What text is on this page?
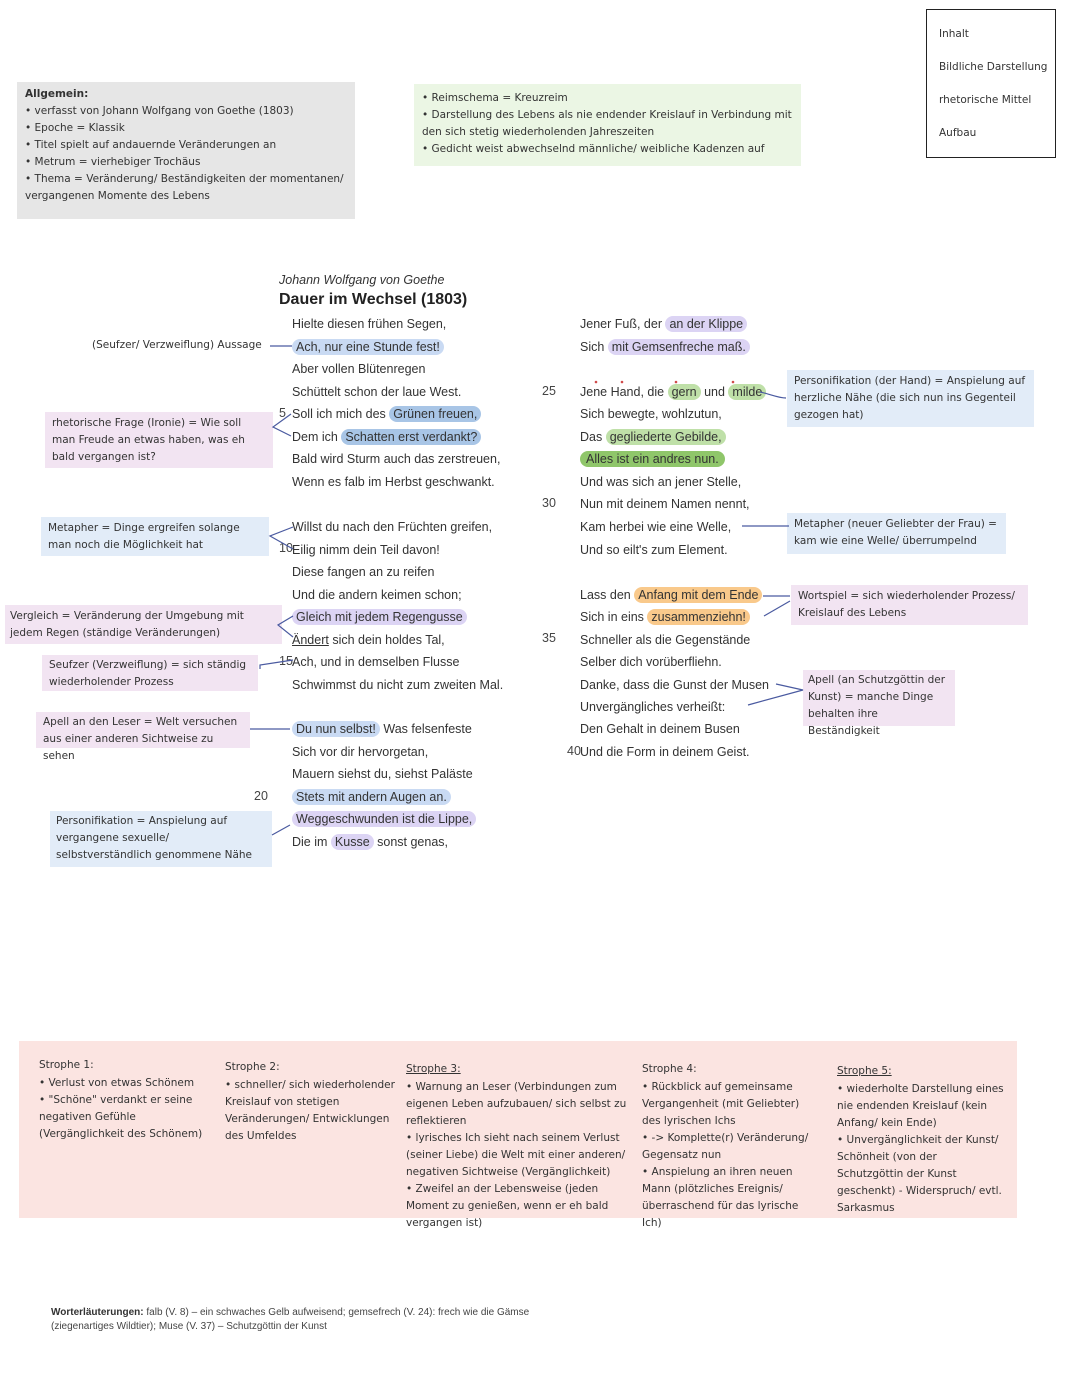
Inhalt
Bildliche Darstellung
rhetorische Mittel
Aufbau
Allgemein:
• verfasst von Johann Wolfgang von Goethe (1803)
• Epoche = Klassik
• Titel spielt auf andauernde Veränderungen an
• Metrum = vierhebiger Trochäus
• Thema = Veränderung/ Beständigkeiten der momentanen/ vergangenen Momente des Lebens
• Reimschema = Kreuzreim
• Darstellung des Lebens als nie endender Kreislauf in Verbindung mit den sich stetig wiederholenden Jahreszeiten
• Gedicht weist abwechselnd männliche/ weibliche Kadenzen auf
Johann Wolfgang von Goethe
Dauer im Wechsel (1803)
Hielte diesen frühen Segen,
Ach, nur eine Stunde fest!
Aber vollen Blütenregen
Schüttelt schon der laue West.
Soll ich mich des Grünen freuen,
Dem ich Schatten erst verdankt?
Bald wird Sturm auch das zerstreuen,
Wenn es falb im Herbst geschwankt.
Willst du nach den Früchten greifen,
Eilig nimm dein Teil davon!
Diese fangen an zu reifen
Und die andern keimen schon;
Gleich mit jedem Regengusse
Ändert sich dein holdes Tal,
Ach, und in demselben Flusse
Schwimmst du nicht zum zweiten Mal.
Du nun selbst! Was felsenfeste
Sich vor dir hervorgetan,
Mauern siehst du, siehst Paläste
Stets mit andern Augen an.
Weggeschwunden ist die Lippe,
Die im Kusse sonst genas,
Jener Fuß, der an der Klippe
Sich mit Gemsenfreche maß.
Jene Hand, die gern und milde
Sich bewegte, wohlzutun,
Das gegliederte Gebilde,
Alles ist ein andres nun.
Und was sich an jener Stelle,
Nun mit deinem Namen nennt,
Kam herbei wie eine Welle,
Und so eilt's zum Element.
Lass den Anfang mit dem Ende
Sich in eins zusammenziehn!
Schneller als die Gegenstände
Selber dich vorüberfliehn.
Danke, dass die Gunst der Musen
Unvergängliches verheißt:
Den Gehalt in deinem Busen
Und die Form in deinem Geist.
5
10
15
20
25
30
35
40
(Seufzer/ Verzweiflung) Aussage
rhetorische Frage (Ironie) = Wie soll man Freude an etwas haben, was eh bald vergangen ist?
Metapher = Dinge ergreifen solange man noch die Möglichkeit hat
Vergleich = Veränderung der Umgebung mit jedem Regen (ständige Veränderungen)
Seufzer (Verzweiflung) = sich ständig wiederholender Prozess
Apell an den Leser = Welt versuchen aus einer anderen Sichtweise zu sehen
Personifikation = Anspielung auf vergangene sexuelle/ selbstverständlich genommene Nähe
Personifikation (der Hand) = Anspielung auf herzliche Nähe (die sich nun ins Gegenteil gezogen hat)
Metapher (neuer Geliebter der Frau) = kam wie eine Welle/ überrumpelnd
Wortspiel = sich wiederholender Prozess/ Kreislauf des Lebens
Apell (an Schutzgöttin der Kunst) = manche Dinge behalten ihre Beständigkeit
Strophe 1:
• Verlust von etwas Schönem
• "Schöne" verdankt er seine negativen Gefühle (Vergänglichkeit des Schönem)
Strophe 2:
• schneller/ sich wiederholender Kreislauf von stetigen Veränderungen/ Entwicklungen des Umfeldes
Strophe 3:
• Warnung an Leser (Verbindungen zum eigenen Leben aufzubauen/ sich selbst zu reflektieren
• lyrisches Ich sieht nach seinem Verlust (seiner Liebe) die Welt mit einer anderen/ negativen Sichtweise (Vergänglichkeit)
• Zweifel an der Lebensweise (jeden Moment zu genießen, wenn er eh bald vergangen ist)
Strophe 4:
• Rückblick auf gemeinsame Vergangenheit (mit Geliebter) des lyrischen Ichs
• -> Komplette(r) Veränderung/ Gegensatz nun
• Anspielung an ihren neuen Mann (plötzliches Ereignis/ überraschend für das lyrische Ich)
Strophe 5:
• wiederholte Darstellung eines nie endenden Kreislauf (kein Anfang/ kein Ende)
• Unvergänglichkeit der Kunst/ Schönheit (von der Schutzgöttin der Kunst geschenkt) - Widerspruch/ evtl. Sarkasmus
Worterläuterungen: falb (V. 8) – ein schwaches Gelb aufweisend; gemsefrech (V. 24): frech wie die Gämse (ziegenartiges Wildtier); Muse (V. 37) – Schutzgöttin der Kunst
